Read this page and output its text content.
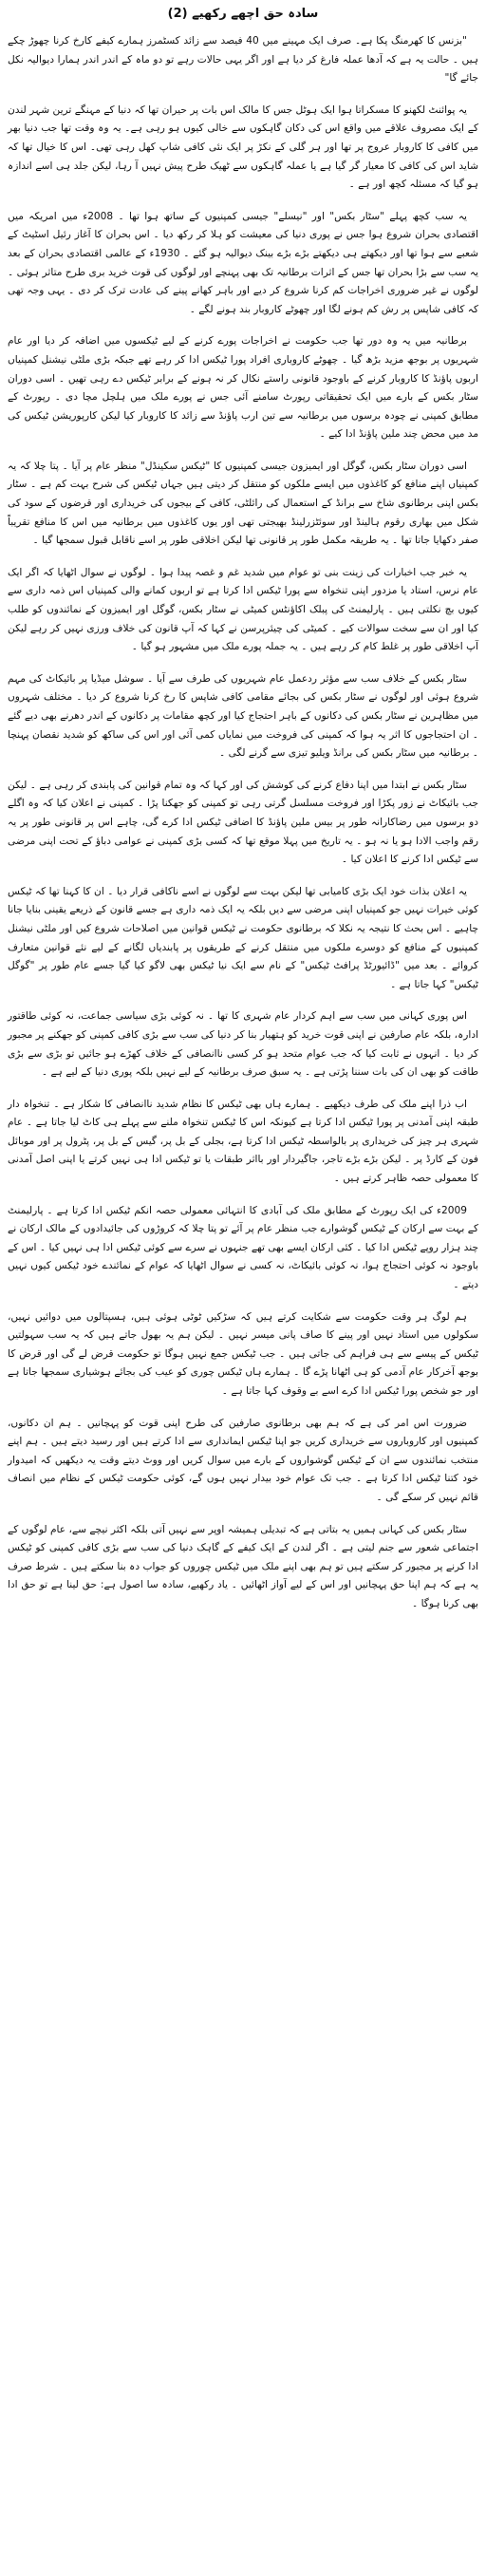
سادہ حق اچھے رکھیے (2)

"بزنس کا کھرمنگ پکا ہے۔ صرف ایک مہینے میں 40 فیصد سے زائد کسٹمرز ہمارے کیفے کارخ کرنا چھوڑ چکے ہیں ۔ حالت یہ ہے کہ آدھا عملہ فارغ کر دیا ہے اور اگر یہی حالات رہے تو دو ماہ کے اندر اندر ہمارا دیوالیہ نکل جائے گا"

یہ پوائنٹ لکھنو کا مسکراتا ہوا ایک ہوٹل جس کا مالک اس بات پر حیران تھا کہ دنیا کے مہنگے ترین شہر لندن کے ایک مصروف علاقے میں واقع اس کی دکان گاہکوں سے خالی کیوں ہو رہی ہے۔ یہ وہ وقت تھا جب دنیا بھر میں کافی کا کاروبار عروج پر تھا اور ہر گلی کے نکڑ پر ایک نئی کافی شاپ کھل رہی تھی۔ اس کا خیال تھا کہ شاید اس کی کافی کا معیار گر گیا ہے یا عملہ گاہکوں سے ٹھیک طرح پیش نہیں آ رہا، لیکن جلد ہی اسے اندازہ ہو گیا کہ مسئلہ کچھ اور ہے ۔

یہ سب کچھ پہلے "سٹار بکس" اور "نیسلے" جیسی کمپنیوں کے ساتھ ہوا تھا ۔ 2008ء میں امریکہ میں اقتصادی بحران شروع ہوا جس نے پوری دنیا کی معیشت کو ہلا کر رکھ دیا ۔ اس بحران کا آغاز رئیل اسٹیٹ کے شعبے سے ہوا تھا اور دیکھتے ہی دیکھتے بڑے بڑے بینک دیوالیہ ہو گئے ۔ 1930ء کے عالمی اقتصادی بحران کے بعد یہ سب سے بڑا بحران تھا جس کے اثرات برطانیہ تک بھی پہنچے اور لوگوں کی قوت خرید بری طرح متاثر ہوئی ۔ لوگوں نے غیر ضروری اخراجات کم کرنا شروع کر دیے اور باہر کھانے پینے کی عادت ترک کر دی ۔ یہی وجہ تھی کہ کافی شاپس پر رش کم ہونے لگا اور چھوٹے کاروبار بند ہونے لگے ۔

برطانیہ میں یہ وہ دور تھا جب حکومت نے اخراجات پورے کرنے کے لیے ٹیکسوں میں اضافہ کر دیا اور عام شہریوں پر بوجھ مزید بڑھ گیا ۔ چھوٹے کاروباری افراد پورا ٹیکس ادا کر رہے تھے جبکہ بڑی ملٹی نیشنل کمپنیاں اربوں پاؤنڈ کا کاروبار کرنے کے باوجود قانونی راستے نکال کر نہ ہونے کے برابر ٹیکس دے رہی تھیں ۔ اسی دوران سٹار بکس کے بارے میں ایک تحقیقاتی رپورٹ سامنے آئی جس نے پورے ملک میں ہلچل مچا دی ۔ رپورٹ کے مطابق کمپنی نے چودہ برسوں میں برطانیہ سے تین ارب پاؤنڈ سے زائد کا کاروبار کیا لیکن کارپوریشن ٹیکس کی مد میں محض چند ملین پاؤنڈ ادا کیے ۔

اسی دوران سٹار بکس، گوگل اور ایمیزون جیسی کمپنیوں کا "ٹیکس سکینڈل" منظر عام پر آیا ۔ پتا چلا کہ یہ کمپنیاں اپنے منافع کو کاغذوں میں ایسے ملکوں کو منتقل کر دیتی ہیں جہاں ٹیکس کی شرح بہت کم ہے ۔ سٹار بکس اپنی برطانوی شاخ سے برانڈ کے استعمال کی رائلٹی، کافی کے بیجوں کی خریداری اور قرضوں کے سود کی شکل میں بھاری رقوم ہالینڈ اور سوئٹزرلینڈ بھیجتی تھی اور یوں کاغذوں میں برطانیہ میں اس کا منافع تقریباً صفر دکھایا جاتا تھا ۔ یہ طریقہ مکمل طور پر قانونی تھا لیکن اخلاقی طور پر اسے ناقابل قبول سمجھا گیا ۔

یہ خبر جب اخبارات کی زینت بنی تو عوام میں شدید غم و غصہ پیدا ہوا ۔ لوگوں نے سوال اٹھایا کہ اگر ایک عام نرس، استاد یا مزدور اپنی تنخواہ سے پورا ٹیکس ادا کرتا ہے تو اربوں کمانے والی کمپنیاں اس ذمہ داری سے کیوں بچ نکلتی ہیں ۔ پارلیمنٹ کی پبلک اکاؤنٹس کمیٹی نے سٹار بکس، گوگل اور ایمیزون کے نمائندوں کو طلب کیا اور ان سے سخت سوالات کیے ۔ کمیٹی کی چیئرپرسن نے کہا کہ آپ قانون کی خلاف ورزی نہیں کر رہے لیکن آپ اخلاقی طور پر غلط کام کر رہے ہیں ۔ یہ جملہ پورے ملک میں مشہور ہو گیا ۔

سٹار بکس کے خلاف سب سے مؤثر ردعمل عام شہریوں کی طرف سے آیا ۔ سوشل میڈیا پر بائیکاٹ کی مہم شروع ہوئی اور لوگوں نے سٹار بکس کی بجائے مقامی کافی شاپس کا رخ کرنا شروع کر دیا ۔ مختلف شہروں میں مظاہرین نے سٹار بکس کی دکانوں کے باہر احتجاج کیا اور کچھ مقامات پر دکانوں کے اندر دھرنے بھی دیے گئے ۔ ان احتجاجوں کا اثر یہ ہوا کہ کمپنی کی فروخت میں نمایاں کمی آئی اور اس کی ساکھ کو شدید نقصان پہنچا ۔ برطانیہ میں سٹار بکس کی برانڈ ویلیو تیزی سے گرنے لگی ۔

سٹار بکس نے ابتدا میں اپنا دفاع کرنے کی کوشش کی اور کہا کہ وہ تمام قوانین کی پابندی کر رہی ہے ۔ لیکن جب بائیکاٹ نے زور پکڑا اور فروخت مسلسل گرتی رہی تو کمپنی کو جھکنا پڑا ۔ کمپنی نے اعلان کیا کہ وہ اگلے دو برسوں میں رضاکارانہ طور پر بیس ملین پاؤنڈ کا اضافی ٹیکس ادا کرے گی، چاہے اس پر قانونی طور پر یہ رقم واجب الادا ہو یا نہ ہو ۔ یہ تاریخ میں پہلا موقع تھا کہ کسی بڑی کمپنی نے عوامی دباؤ کے تحت اپنی مرضی سے ٹیکس ادا کرنے کا اعلان کیا ۔

یہ اعلان بذات خود ایک بڑی کامیابی تھا لیکن بہت سے لوگوں نے اسے ناکافی قرار دیا ۔ ان کا کہنا تھا کہ ٹیکس کوئی خیرات نہیں جو کمپنیاں اپنی مرضی سے دیں بلکہ یہ ایک ذمہ داری ہے جسے قانون کے ذریعے یقینی بنایا جانا چاہیے ۔ اس بحث کا نتیجہ یہ نکلا کہ برطانوی حکومت نے ٹیکس قوانین میں اصلاحات شروع کیں اور ملٹی نیشنل کمپنیوں کے منافع کو دوسرے ملکوں میں منتقل کرنے کے طریقوں پر پابندیاں لگانے کے لیے نئے قوانین متعارف کروائے ۔ بعد میں "ڈائیورٹڈ پرافٹ ٹیکس" کے نام سے ایک نیا ٹیکس بھی لاگو کیا گیا جسے عام طور پر "گوگل ٹیکس" کہا جاتا ہے ۔

اس پوری کہانی میں سب سے اہم کردار عام شہری کا تھا ۔ نہ کوئی بڑی سیاسی جماعت، نہ کوئی طاقتور ادارہ، بلکہ عام صارفین نے اپنی قوت خرید کو ہتھیار بنا کر دنیا کی سب سے بڑی کافی کمپنی کو جھکنے پر مجبور کر دیا ۔ انہوں نے ثابت کیا کہ جب عوام متحد ہو کر کسی ناانصافی کے خلاف کھڑے ہو جائیں تو بڑی سے بڑی طاقت کو بھی ان کی بات سننا پڑتی ہے ۔ یہ سبق صرف برطانیہ کے لیے نہیں بلکہ پوری دنیا کے لیے ہے ۔

اب ذرا اپنے ملک کی طرف دیکھیے ۔ ہمارے ہاں بھی ٹیکس کا نظام شدید ناانصافی کا شکار ہے ۔ تنخواہ دار طبقہ اپنی آمدنی پر پورا ٹیکس ادا کرتا ہے کیونکہ اس کا ٹیکس تنخواہ ملنے سے پہلے ہی کاٹ لیا جاتا ہے ۔ عام شہری ہر چیز کی خریداری پر بالواسطہ ٹیکس ادا کرتا ہے، بجلی کے بل پر، گیس کے بل پر، پٹرول پر اور موبائل فون کے کارڈ پر ۔ لیکن بڑے بڑے تاجر، جاگیردار اور بااثر طبقات یا تو ٹیکس ادا ہی نہیں کرتے یا اپنی اصل آمدنی کا معمولی حصہ ظاہر کرتے ہیں ۔

2009ء کی ایک رپورٹ کے مطابق ملک کی آبادی کا انتہائی معمولی حصہ انکم ٹیکس ادا کرتا ہے ۔ پارلیمنٹ کے بہت سے ارکان کے ٹیکس گوشوارے جب منظر عام پر آئے تو پتا چلا کہ کروڑوں کی جائیدادوں کے مالک ارکان نے چند ہزار روپے ٹیکس ادا کیا ۔ کئی ارکان ایسے بھی تھے جنہوں نے سرے سے کوئی ٹیکس ادا ہی نہیں کیا ۔ اس کے باوجود نہ کوئی احتجاج ہوا، نہ کوئی بائیکاٹ، نہ کسی نے سوال اٹھایا کہ عوام کے نمائندے خود ٹیکس کیوں نہیں دیتے ۔

ہم لوگ ہر وقت حکومت سے شکایت کرتے ہیں کہ سڑکیں ٹوٹی ہوئی ہیں، ہسپتالوں میں دوائیں نہیں، سکولوں میں استاد نہیں اور پینے کا صاف پانی میسر نہیں ۔ لیکن ہم یہ بھول جاتے ہیں کہ یہ سب سہولتیں ٹیکس کے پیسے سے ہی فراہم کی جاتی ہیں ۔ جب ٹیکس جمع نہیں ہوگا تو حکومت قرض لے گی اور قرض کا بوجھ آخرکار عام آدمی کو ہی اٹھانا پڑے گا ۔ ہمارے ہاں ٹیکس چوری کو عیب کی بجائے ہوشیاری سمجھا جاتا ہے اور جو شخص پورا ٹیکس ادا کرے اسے بے وقوف کہا جاتا ہے ۔

ضرورت اس امر کی ہے کہ ہم بھی برطانوی صارفین کی طرح اپنی قوت کو پہچانیں ۔ ہم ان دکانوں، کمپنیوں اور کاروباروں سے خریداری کریں جو اپنا ٹیکس ایمانداری سے ادا کرتے ہیں اور رسید دیتے ہیں ۔ ہم اپنے منتخب نمائندوں سے ان کے ٹیکس گوشواروں کے بارے میں سوال کریں اور ووٹ دیتے وقت یہ دیکھیں کہ امیدوار خود کتنا ٹیکس ادا کرتا ہے ۔ جب تک عوام خود بیدار نہیں ہوں گے، کوئی حکومت ٹیکس کے نظام میں انصاف قائم نہیں کر سکے گی ۔

سٹار بکس کی کہانی ہمیں یہ بتاتی ہے کہ تبدیلی ہمیشہ اوپر سے نہیں آتی بلکہ اکثر نیچے سے، عام لوگوں کے اجتماعی شعور سے جنم لیتی ہے ۔ اگر لندن کے ایک کیفے کے گاہک دنیا کی سب سے بڑی کافی کمپنی کو ٹیکس ادا کرنے پر مجبور کر سکتے ہیں تو ہم بھی اپنے ملک میں ٹیکس چوروں کو جواب دہ بنا سکتے ہیں ۔ شرط صرف یہ ہے کہ ہم اپنا حق پہچانیں اور اس کے لیے آواز اٹھائیں ۔ یاد رکھیے، سادہ سا اصول ہے: حق لینا ہے تو حق ادا بھی کرنا ہوگا ۔
